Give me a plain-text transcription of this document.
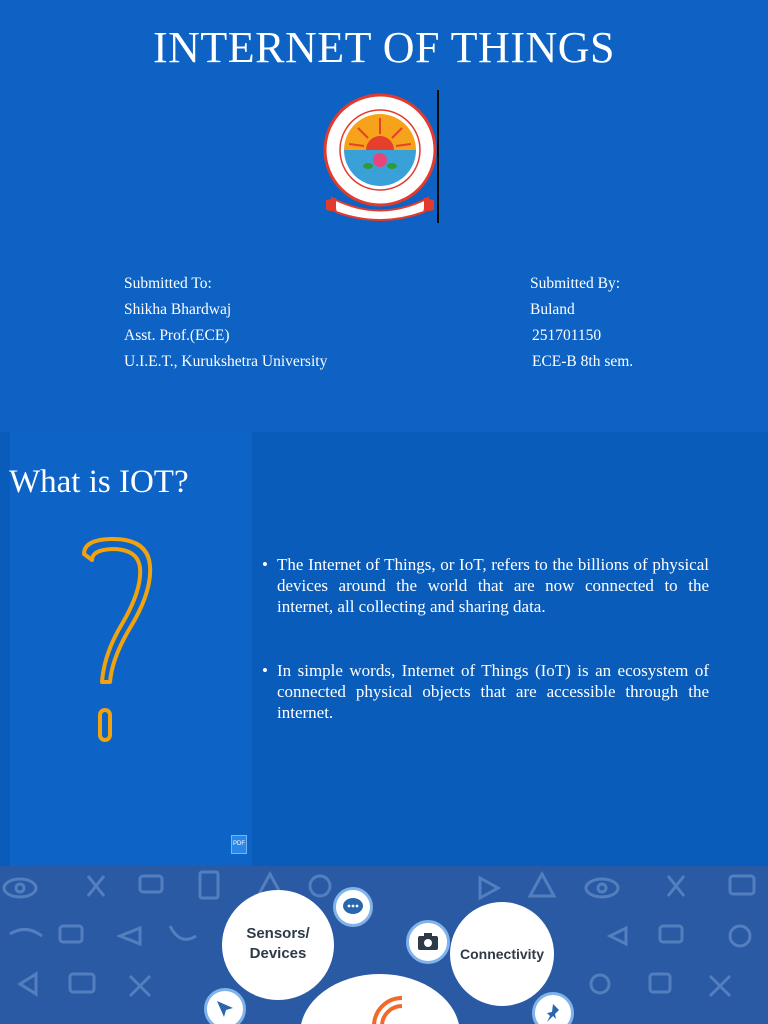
INTERNET OF THINGS
Submitted To:
Shikha Bhardwaj
Asst. Prof.(ECE)
U.I.E.T., Kurukshetra University
Submitted By:
Buland
251701150
ECE-B 8th sem.
What is IOT?
• The Internet of Things, or IoT, refers to the billions of physical devices around the world that are now connected to the internet, all collecting and sharing data.
• In simple words, Internet of Things (IoT) is an ecosystem of connected physical objects that are accessible through the internet.
PDF
Sensors/
Devices	Connectivity
